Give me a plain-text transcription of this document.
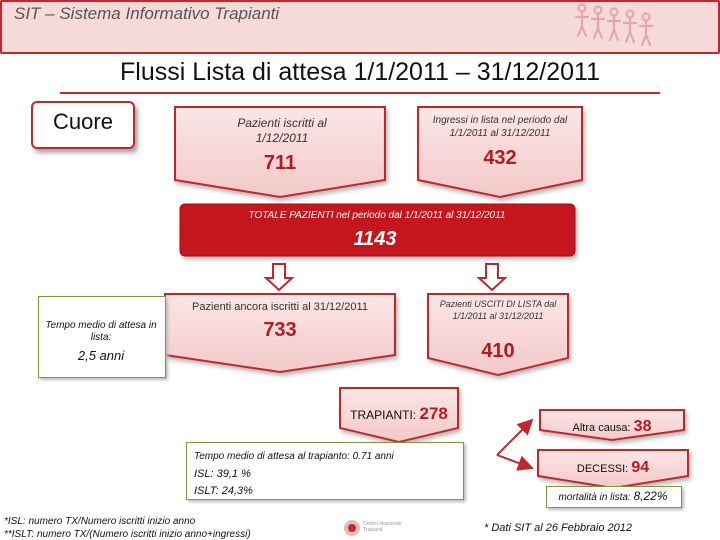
SIT – Sistema Informativo Trapianti
Flussi Lista di attesa 1/1/2011 – 31/12/2011
Cuore	Pazienti iscritti al 1/12/2011
711
Ingressi in lista nel periodo dal 1/1/2011 al 31/12/2011
432
TOTALE PAZIENTI nel periodo dal 1/1/2011 al 31/12/2011
1143
Tempo medio di attesa in lista:
2,5 anni
Pazienti ancora iscritti al 31/12/2011
733
Pazienti USCITI DI LISTA dal 1/1/2011 al 31/12/2011
410
TRAPIANTI: 278
Tempo medio di attesa al trapianto: 0.71 anni
ISL: 39,1 %
ISLT: 24,3%
Altra causa: 38
DECESSI: 94
mortalità in lista: 8,22%
*ISL: numero TX/Numero iscritti inizio anno
**ISLT: numero TX/(Numero iscritti inizio anno+ingressi)
Centro Nazionale Trapianti	* Dati SIT al 26 Febbraio 2012
